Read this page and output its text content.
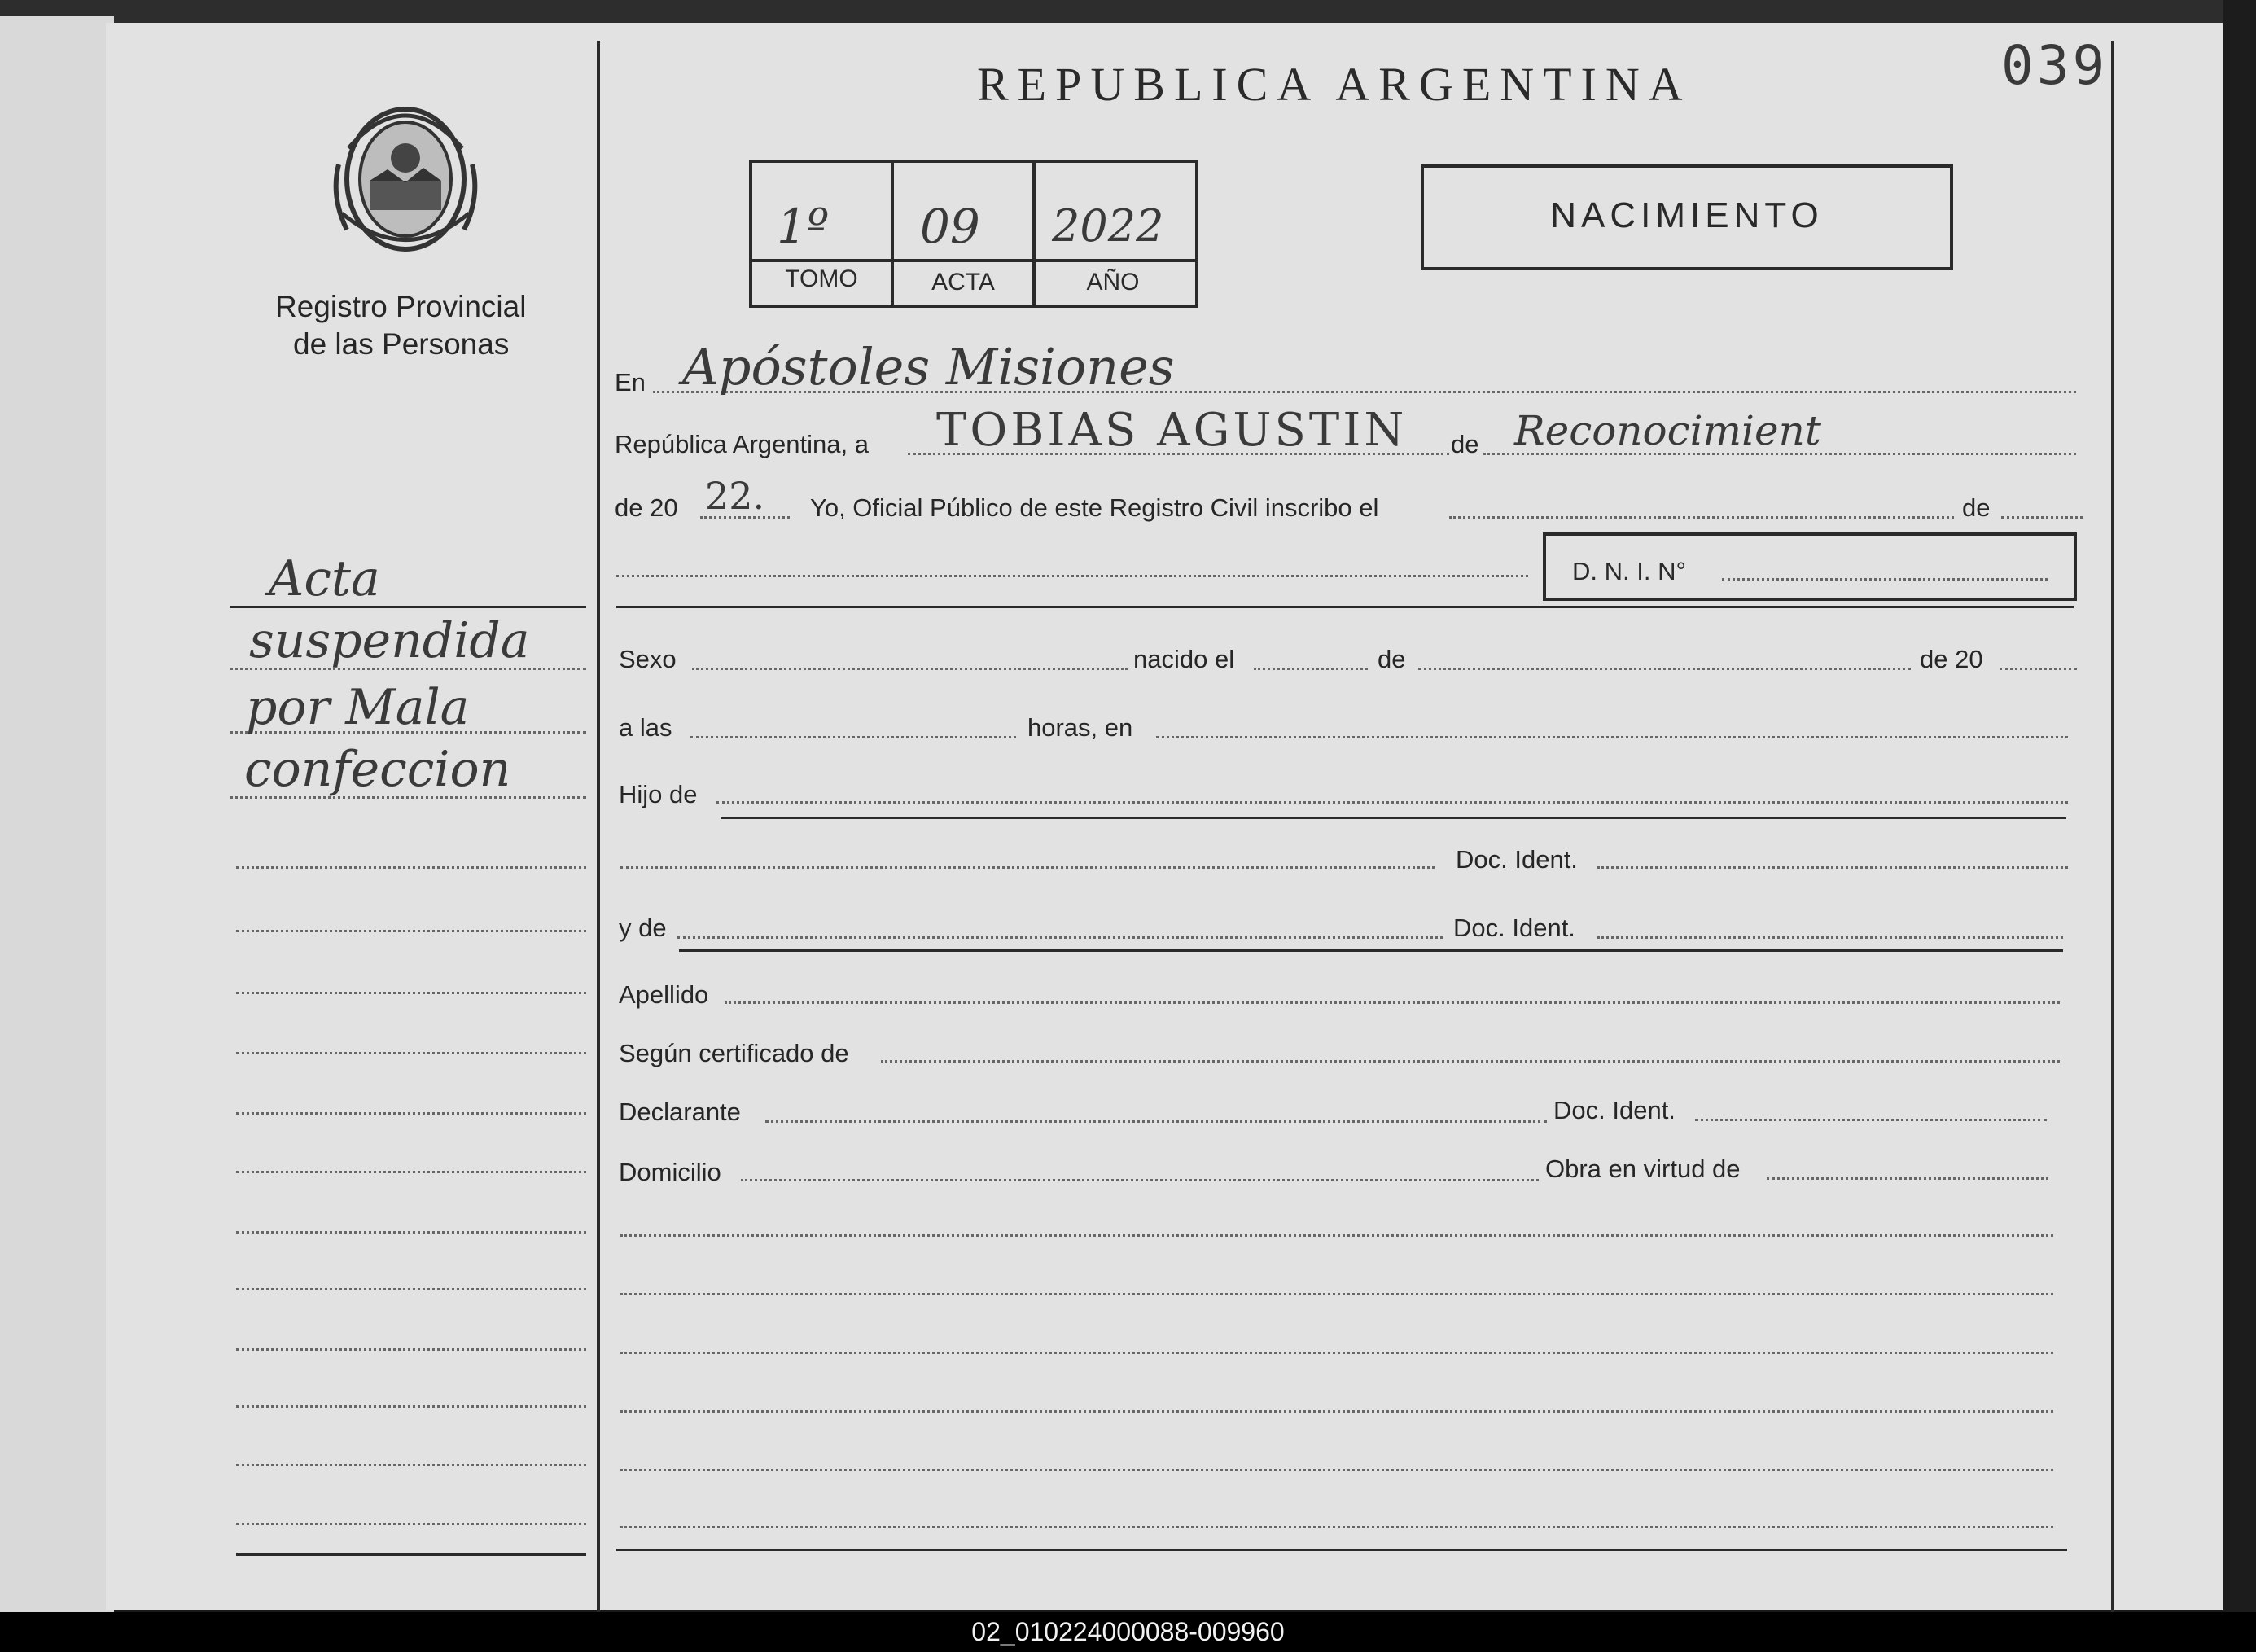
02_010224000088-009960
039
REPUBLICA ARGENTINA
Registro Provincial
de las Personas
1º 09 2022
TOMO	ACTA	AÑO
NACIMIENTO
Acta
suspendida
por Mala
confeccion
En Apóstoles Misiones
República Argentina, a TOBIAS AGUSTIN de Reconocimient
de 20 22. Yo, Oficial Público de este Registro Civil inscribo el	de
D. N. I. N°
Sexo	nacido el	de	de 20
a las	horas, en
Hijo de
Doc. Ident.
y de	Doc. Ident.
Apellido
Según certificado de
Declarante	Doc. Ident.
Domicilio	Obra en virtud de
